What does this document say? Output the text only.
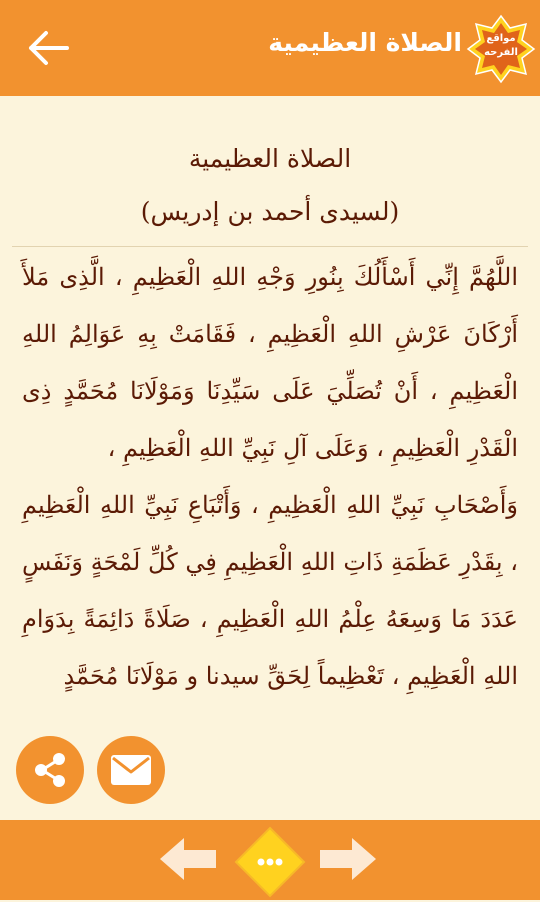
الصلاة العظيمية	مواقع
الفرحه
الصلاة العظيمية
(لسيدى أحمد بن إدريس)

اللَّهُمَّ إِنِّي أَسْأَلُكَ بِنُورِ وَجْهِ اللهِ الْعَظِيمِ ، الَّذِى مَلأَ أَرْكَانَ عَرْشِ اللهِ الْعَظِيمِ ، فَقَامَتْ بِهِ عَوَالِمُ اللهِ الْعَظِيمِ ، أَنْ تُصَلِّيَ عَلَى سَيِّدِنَا وَمَوْلَانَا مُحَمَّدٍ ذِى الْقَدْرِ الْعَظِيمِ ، وَعَلَى آلِ نَبِيِّ اللهِ الْعَظِيمِ ،

وَأَصْحَابِ نَبِيِّ اللهِ الْعَظِيمِ ، وَأَتْبَاعِ نَبِيِّ اللهِ الْعَظِيمِ ، بِقَدْرِ عَظَمَةِ ذَاتِ اللهِ الْعَظِيمِ فِي كُلِّ لَمْحَةٍ وَنَفَسٍ عَدَدَ مَا وَسِعَهُ عِلْمُ اللهِ الْعَظِيمِ ، صَلَاةً دَائِمَةً بِدَوَامِ اللهِ الْعَظِيمِ ، تَعْظِيماً لِحَقِّ سيدنا و مَوْلَانَا مُحَمَّدٍ
